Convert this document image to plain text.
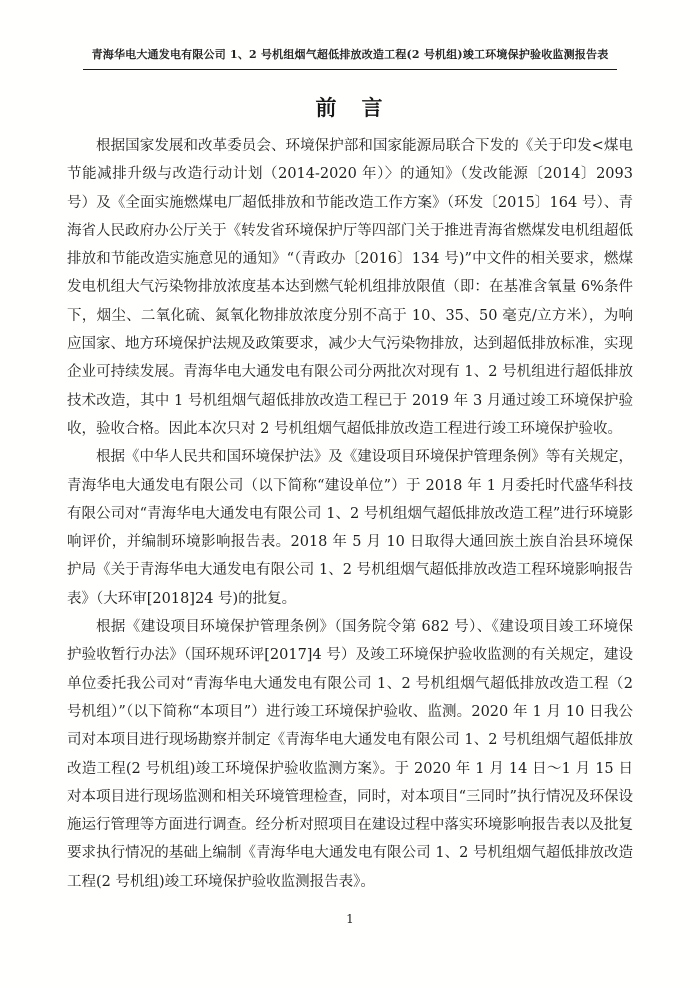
青海华电大通发电有限公司 1、2 号机组烟气超低排放改造工程(2 号机组)竣工环境保护验收监测报告表
前　言

根据国家发展和改革委员会、环境保护部和国家能源局联合下发的《关于印发<煤电节能减排升级与改造行动计划（2014-2020 年）〉的通知》（发改能源〔2014〕2093 号）及《全面实施燃煤电厂超低排放和节能改造工作方案》（环发〔2015〕164 号）、青海省人民政府办公厅关于《转发省环境保护厅等四部门关于推进青海省燃煤发电机组超低排放和节能改造实施意见的通知》“（青政办〔2016〕134 号)”中文件的相关要求，燃煤发电机组大气污染物排放浓度基本达到燃气轮机组排放限值（即：在基准含氧量 6%条件下，烟尘、二氧化硫、氮氧化物排放浓度分别不高于 10、35、50 毫克/立方米），为响应国家、地方环境保护法规及政策要求，减少大气污染物排放，达到超低排放标准，实现企业可持续发展。青海华电大通发电有限公司分两批次对现有 1、2 号机组进行超低排放技术改造，其中 1 号机组烟气超低排放改造工程已于 2019 年 3 月通过竣工环境保护验收，验收合格。因此本次只对 2 号机组烟气超低排放改造工程进行竣工环境保护验收。

根据《中华人民共和国环境保护法》及《建设项目环境保护管理条例》等有关规定，青海华电大通发电有限公司（以下简称“建设单位”）于 2018 年 1 月委托时代盛华科技有限公司对“青海华电大通发电有限公司 1、2 号机组烟气超低排放改造工程”进行环境影响评价，并编制环境影响报告表。2018 年 5 月 10 日取得大通回族土族自治县环境保护局《关于青海华电大通发电有限公司 1、2 号机组烟气超低排放改造工程环境影响报告表》（大环审[2018]24 号)的批复。

根据《建设项目环境保护管理条例》（国务院令第 682 号）、《建设项目竣工环境保护验收暂行办法》（国环规环评[2017]4 号）及竣工环境保护验收监测的有关规定，建设单位委托我公司对“青海华电大通发电有限公司 1、2 号机组烟气超低排放改造工程（2 号机组）”（以下简称“本项目”）进行竣工环境保护验收、监测。2020 年 1 月 10 日我公司对本项目进行现场勘察并制定《青海华电大通发电有限公司 1、2 号机组烟气超低排放改造工程(2 号机组)竣工环境保护验收监测方案》。于 2020 年 1 月 14 日～1 月 15 日对本项目进行现场监测和相关环境管理检查，同时，对本项目“三同时”执行情况及环保设施运行管理等方面进行调查。经分析对照项目在建设过程中落实环境影响报告表以及批复要求执行情况的基础上编制《青海华电大通发电有限公司 1、2 号机组烟气超低排放改造工程(2 号机组)竣工环境保护验收监测报告表》。

1
